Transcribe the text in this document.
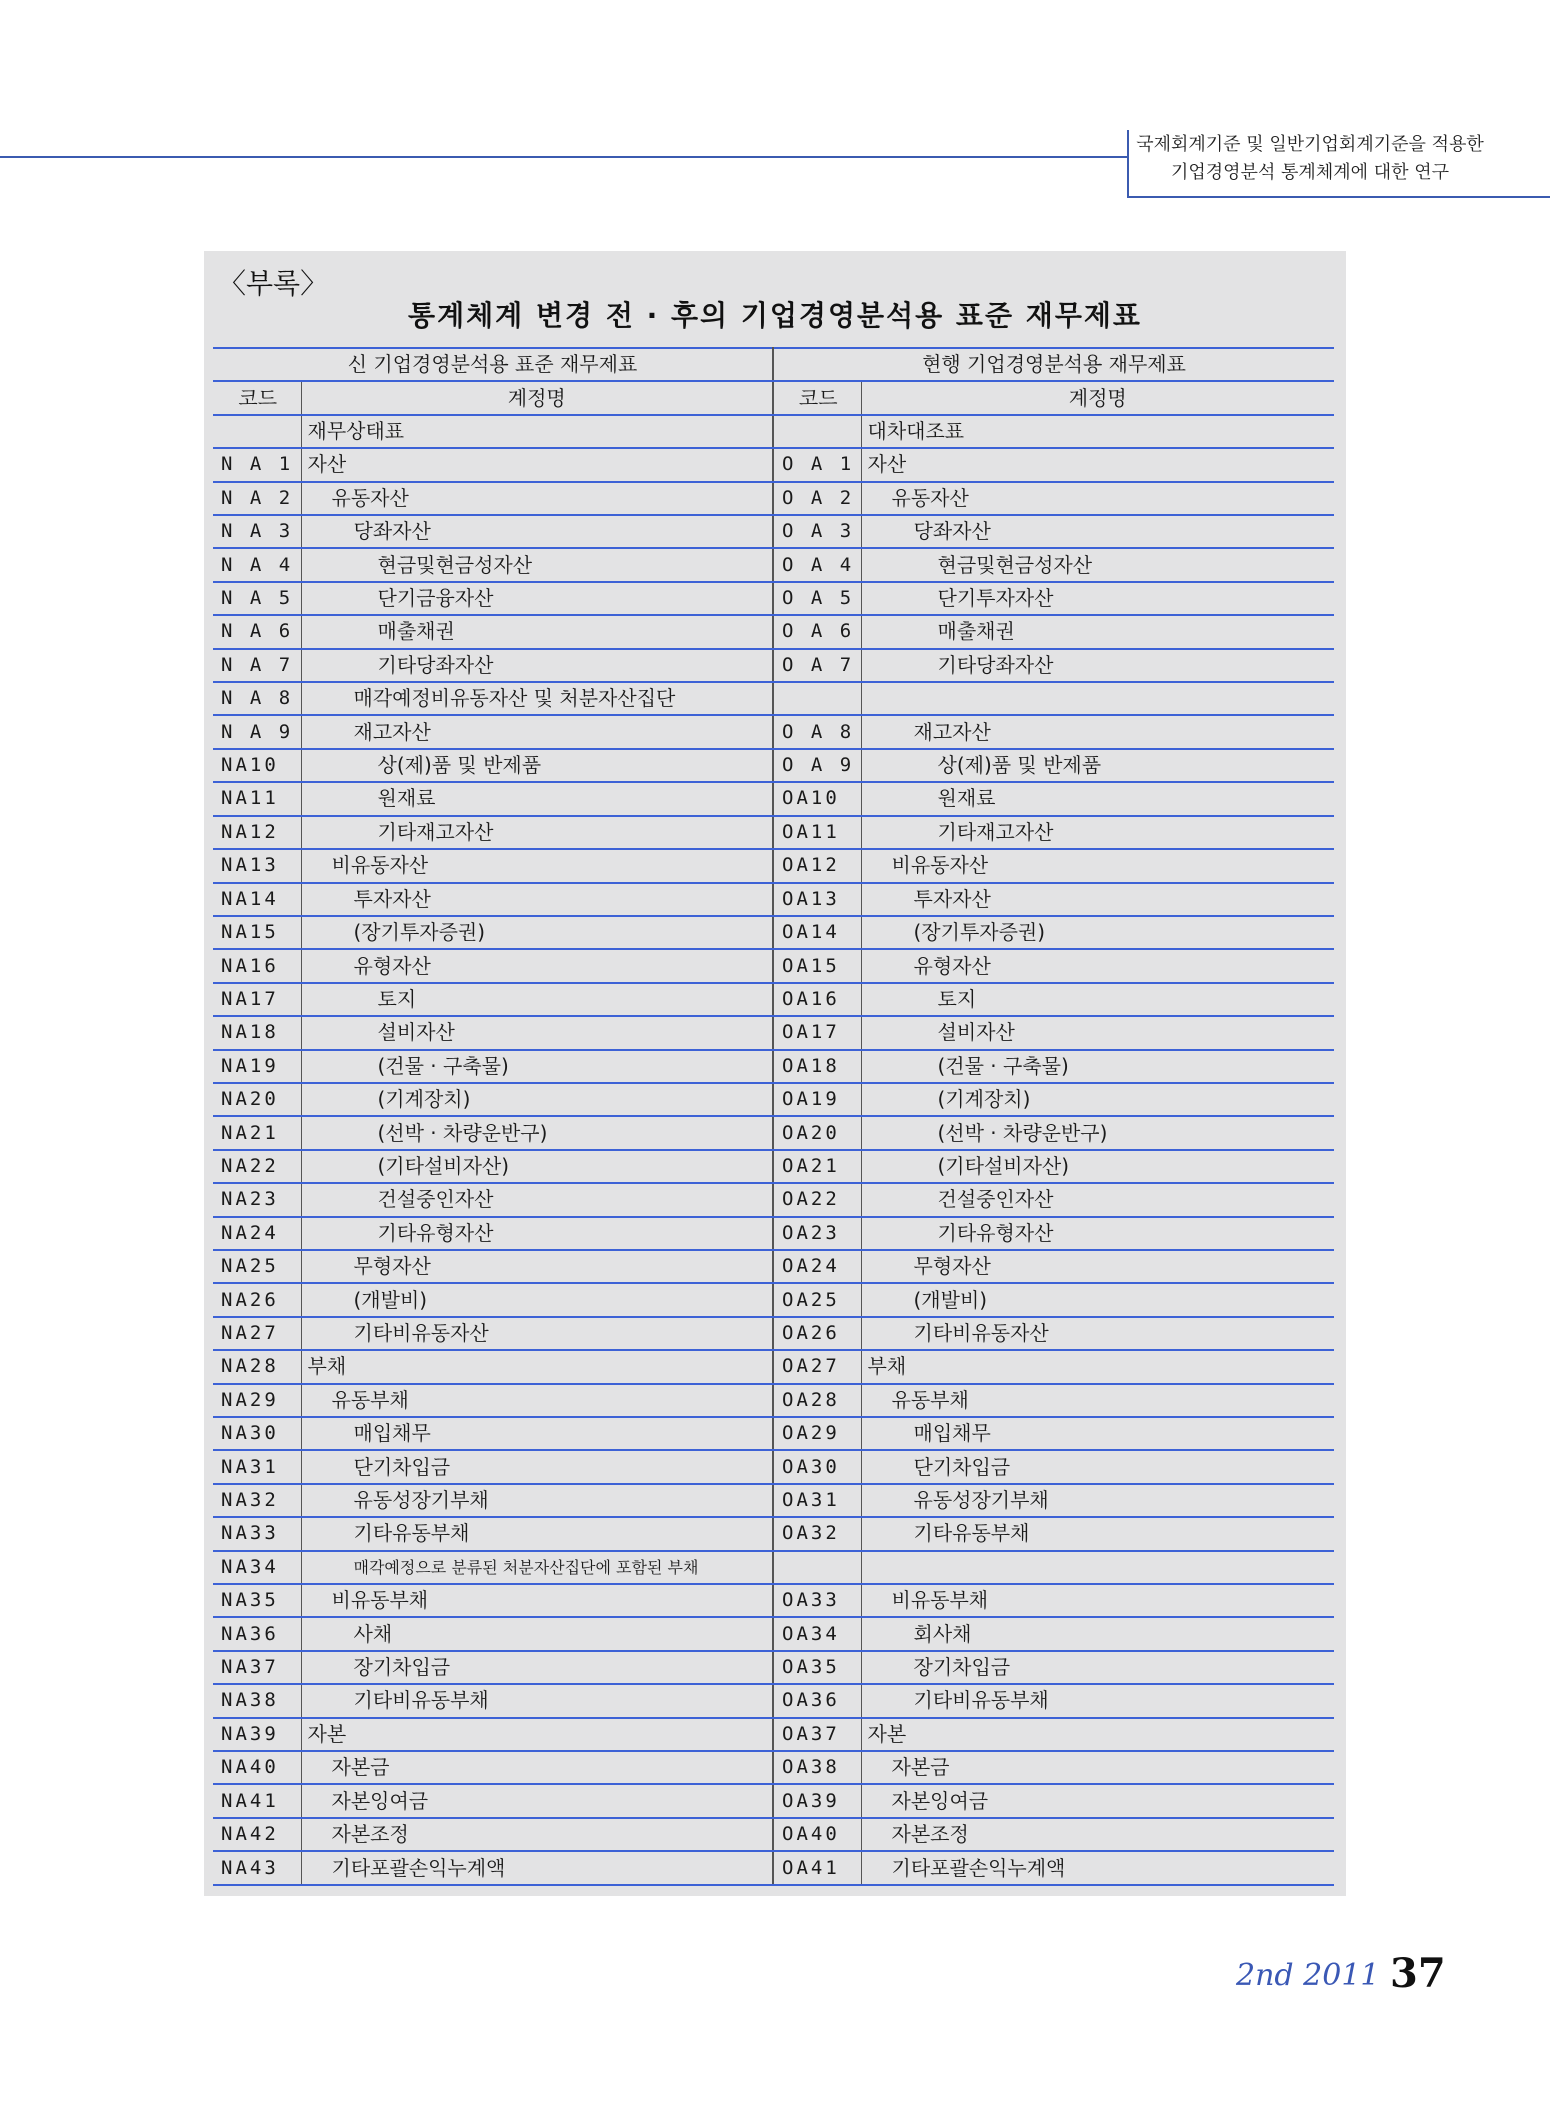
국제회계기준 및 일반기업회계기준을 적용한
기업경영분석 통계체계에 대한 연구
〈부록〉
통계체계 변경 전 · 후의 기업경영분석용 표준 재무제표
신 기업경영분석용 표준 재무제표		현행 기업경영분석용 재무제표	
코드	계정명	코드	계정명
	재무상태표		대차대조표
N A 1	자산	O A 1	자산
N A 2	유동자산	O A 2	유동자산
N A 3	당좌자산	O A 3	당좌자산
N A 4	현금및현금성자산	O A 4	현금및현금성자산
N A 5	단기금융자산	O A 5	단기투자자산
N A 6	매출채권	O A 6	매출채권
N A 7	기타당좌자산	O A 7	기타당좌자산
N A 8	매각예정비유동자산 및 처분자산집단		
N A 9	재고자산	O A 8	재고자산
NA10	상(제)품 및 반제품	O A 9	상(제)품 및 반제품
NA11	원재료	OA10	원재료
NA12	기타재고자산	OA11	기타재고자산
NA13	비유동자산	OA12	비유동자산
NA14	투자자산	OA13	투자자산
NA15	(장기투자증권)	OA14	(장기투자증권)
NA16	유형자산	OA15	유형자산
NA17	토지	OA16	토지
NA18	설비자산	OA17	설비자산
NA19	(건물 · 구축물)	OA18	(건물 · 구축물)
NA20	(기계장치)	OA19	(기계장치)
NA21	(선박 · 차량운반구)	OA20	(선박 · 차량운반구)
NA22	(기타설비자산)	OA21	(기타설비자산)
NA23	건설중인자산	OA22	건설중인자산
NA24	기타유형자산	OA23	기타유형자산
NA25	무형자산	OA24	무형자산
NA26	(개발비)	OA25	(개발비)
NA27	기타비유동자산	OA26	기타비유동자산
NA28	부채	OA27	부채
NA29	유동부채	OA28	유동부채
NA30	매입채무	OA29	매입채무
NA31	단기차입금	OA30	단기차입금
NA32	유동성장기부채	OA31	유동성장기부채
NA33	기타유동부채	OA32	기타유동부채
NA34	매각예정으로 분류된 처분자산집단에 포함된 부채		
NA35	비유동부채	OA33	비유동부채
NA36	사채	OA34	회사채
NA37	장기차입금	OA35	장기차입금
NA38	기타비유동부채	OA36	기타비유동부채
NA39	자본	OA37	자본
NA40	자본금	OA38	자본금
NA41	자본잉여금	OA39	자본잉여금
NA42	자본조정	OA40	자본조정
NA43	기타포괄손익누계액	OA41	기타포괄손익누계액
2nd 2011 37
